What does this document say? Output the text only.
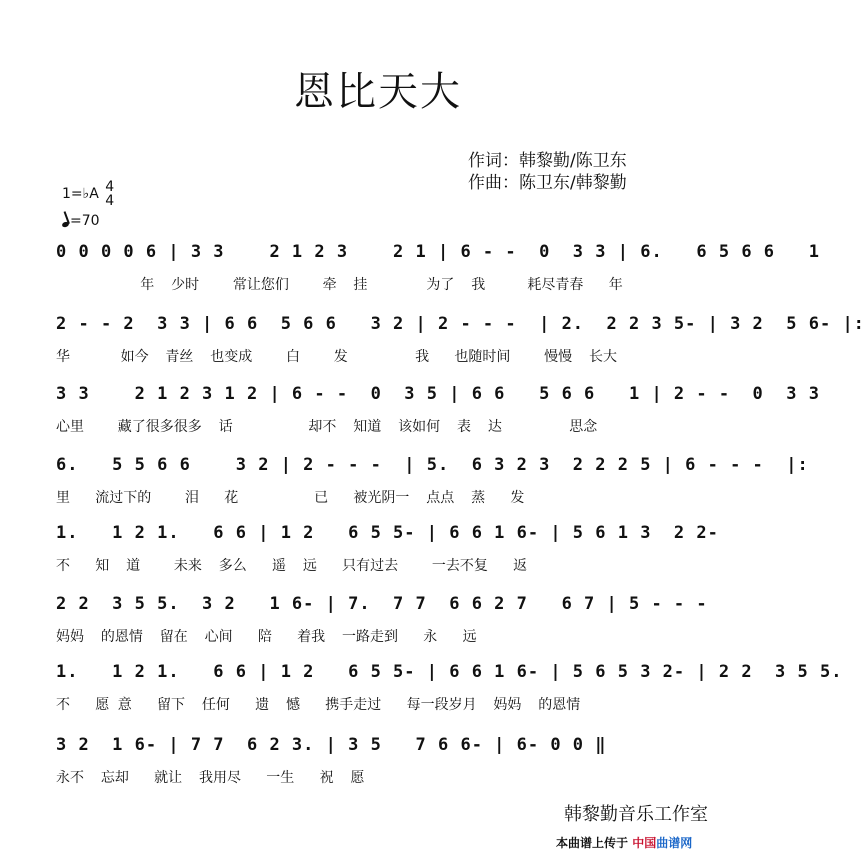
恩比天大
作词：韩黎勤/陈卫东
作曲：陈卫东/韩黎勤
1=♭A 4
4
=70
0 0 0 0 6 | 3 3    2 1 2 3    2 1 | 6 - -  0  3 3 | 6.   6 5 6 6   1
年  少时    常让您们    牵  挂       为了  我     耗尽青春   年
2 - - 2  3 3 | 6 6  5 6 6   3 2 | 2 - - -  | 2.  2 2 3 5- | 3 2  5 6- |:
华      如今  青丝  也变成    白    发        我   也随时间    慢慢  长大
3 3    2 1 2 3 1 2 | 6 - -  0  3 5 | 6 6   5 6 6   1 | 2 - -  0  3 3
心里    藏了很多很多  话         却不  知道  该如何  表  达        思念
6.   5 5 6 6    3 2 | 2 - - -  | 5.  6 3 2 3  2 2 2 5 | 6 - - -  |:
里   流过下的    泪   花         已   被光阴一  点点  蒸   发
1.   1 2 1.   6 6 | 1 2   6 5 5- | 6 6 1 6- | 5 6 1 3  2 2-
不   知  道    未来  多么   遥  远   只有过去    一去不复   返
2 2  3 5 5.  3 2   1 6- | 7.  7 7  6 6 2 7   6 7 | 5 - - -
妈妈  的恩情  留在  心间   陪   着我  一路走到   永   远
1.   1 2 1.   6 6 | 1 2   6 5 5- | 6 6 1 6- | 5 6 5 3 2- | 2 2  3 5 5.
不   愿 意   留下  任何   遗  憾   携手走过   每一段岁月  妈妈  的恩情
3 2  1 6- | 7 7  6 2 3. | 3 5   7 6 6- | 6- 0 0 ‖
永不  忘却   就让  我用尽   一生   祝  愿
韩黎勤音乐工作室
本曲谱上传于 中国曲谱网
